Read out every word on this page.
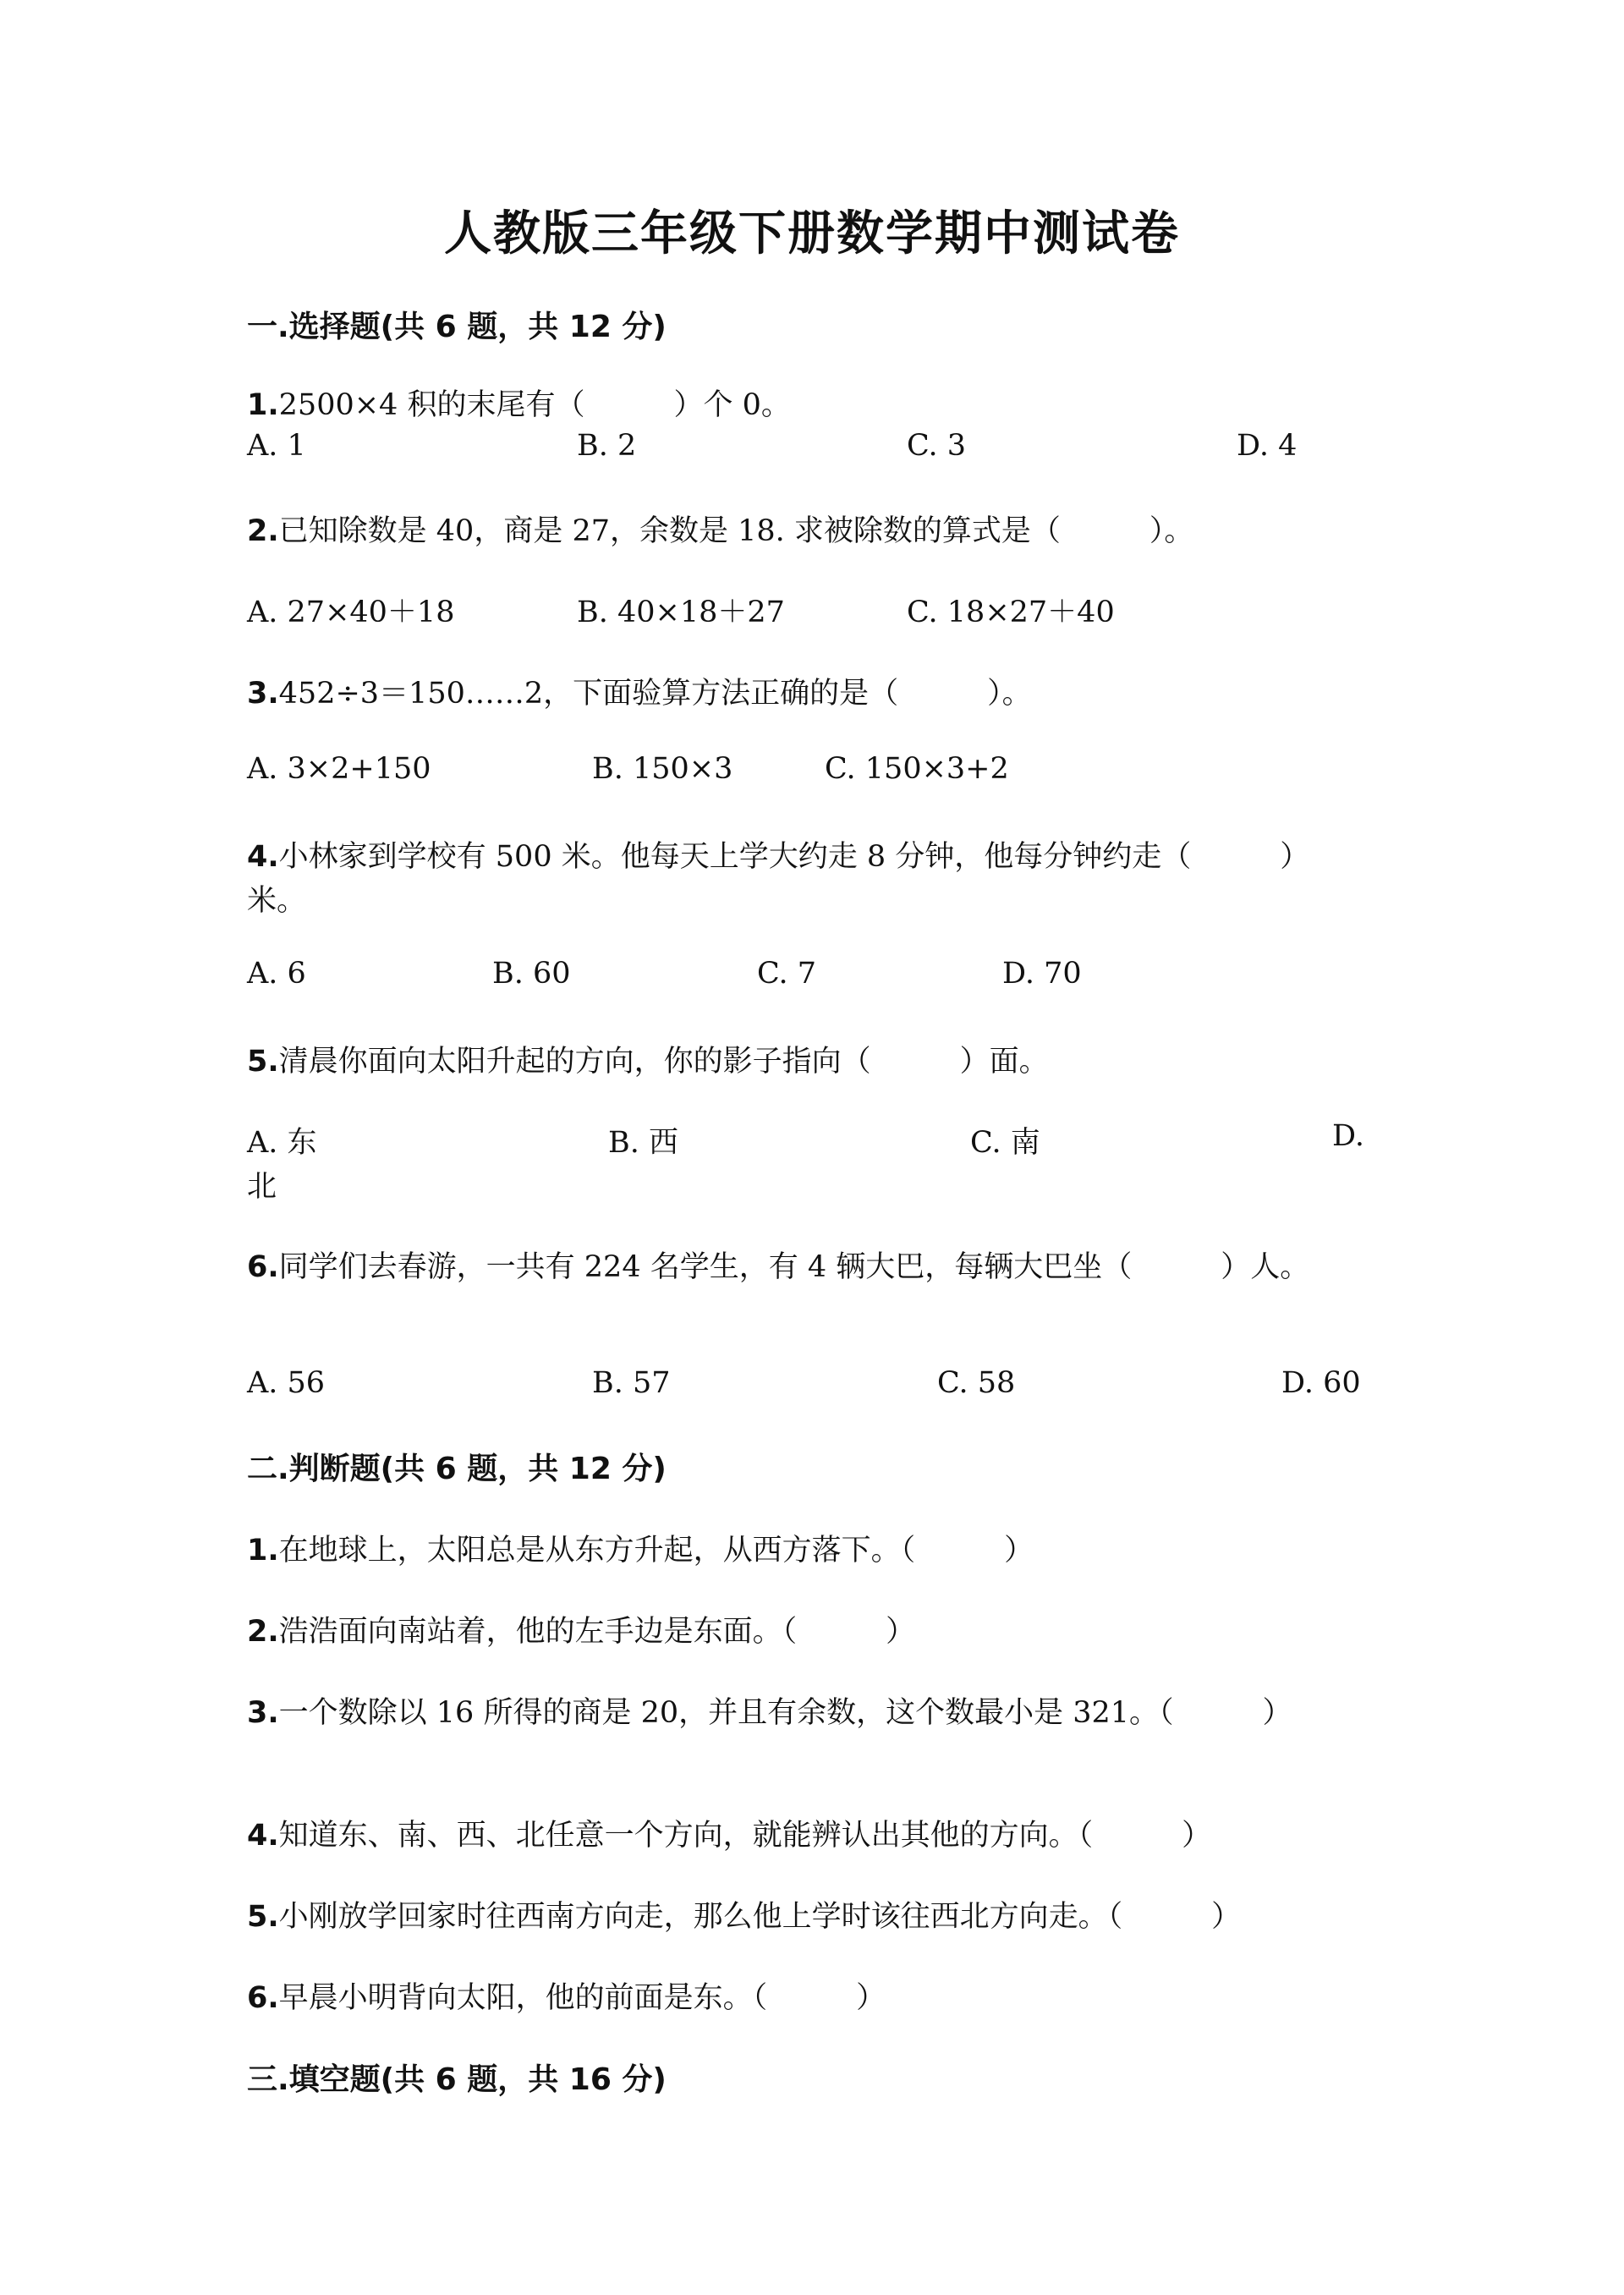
人教版三年级下册数学期中测试卷
一.选择题(共 6 题，共 12 分)
1.2500×4 积的末尾有（　　　）个 0。
A. 1	B. 2	C. 3	D. 4
2.已知除数是 40，商是 27，余数是 18. 求被除数的算式是（　　　）。
A. 27×40＋18	B. 40×18＋27	C. 18×27＋40
3.452÷3＝150……2，下面验算方法正确的是（　　　）。
A. 3×2+150	B. 150×3	C. 150×3+2
4.小林家到学校有 500 米。他每天上学大约走 8 分钟，他每分钟约走（　　　）
米。
A. 6	B. 60	C. 7	D. 70
5.清晨你面向太阳升起的方向，你的影子指向（　　　）面。
A. 东	B. 西	C. 南	D.
北
6.同学们去春游，一共有 224 名学生，有 4 辆大巴，每辆大巴坐（　　　）人。
A. 56	B. 57	C. 58	D. 60
二.判断题(共 6 题，共 12 分)
1.在地球上，太阳总是从东方升起，从西方落下。（　　　）
2.浩浩面向南站着，他的左手边是东面。（　　　）
3.一个数除以 16 所得的商是 20，并且有余数，这个数最小是 321。（　　　）
4.知道东、南、西、北任意一个方向，就能辨认出其他的方向。（　　　）
5.小刚放学回家时往西南方向走，那么他上学时该往西北方向走。（　　　）
6.早晨小明背向太阳，他的前面是东。（　　　）
三.填空题(共 6 题，共 16 分)
